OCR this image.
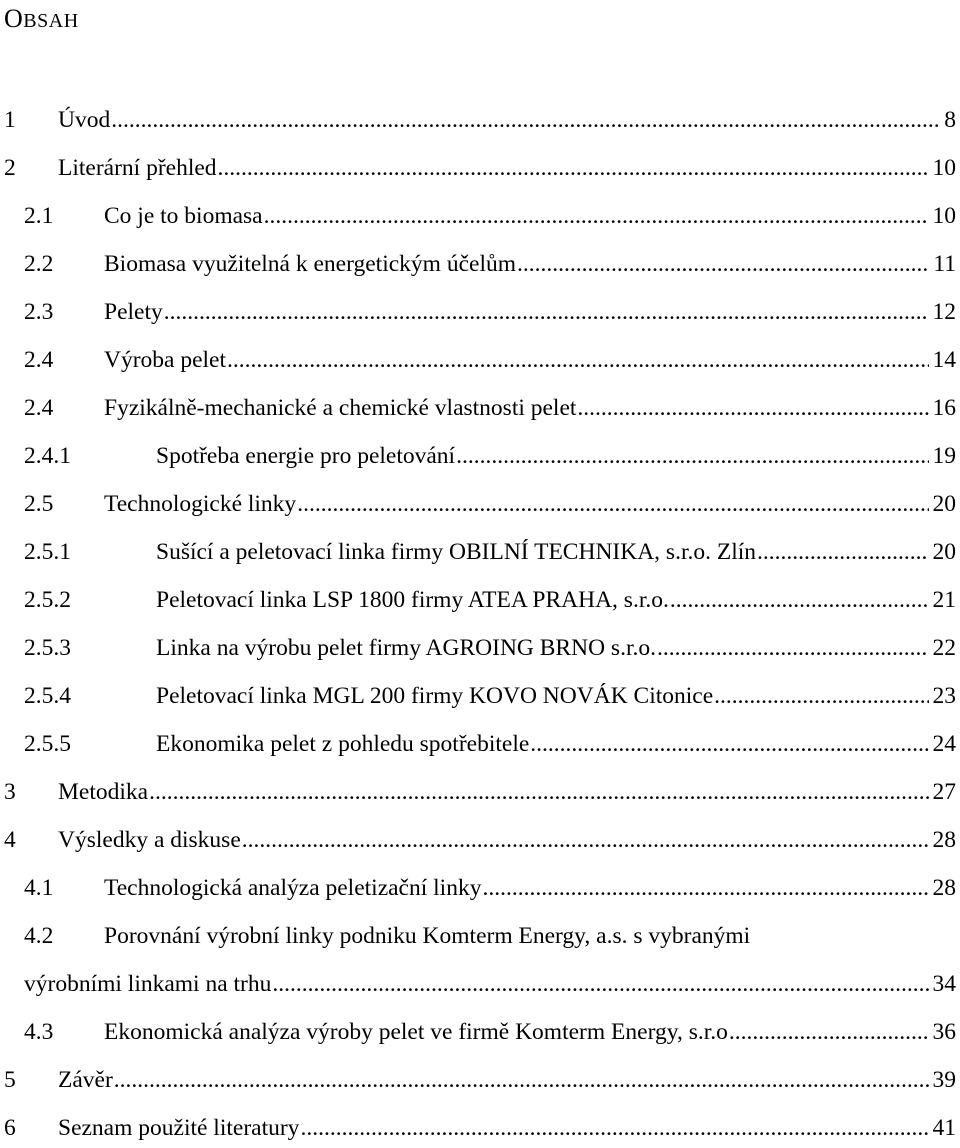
OBSAH
1 Úvod .....	8
2 Literární přehled .....	10
2.1 Co je to biomasa .....	10
2.2 Biomasa využitelná k energetickým účelům .....	11
2.3 Pelety .....	12
2.4 Výroba pelet .....	14
2.4 Fyzikálně-mechanické a chemické vlastnosti pelet .....	16
2.4.1	Spotřeba energie pro peletování .....	19
2.5 Technologické linky .....	20
2.5.1	Sušící a peletovací linka firmy OBILNÍ TECHNIKA, s.r.o. Zlín .....	20
2.5.2	Peletovací linka LSP 1800 firmy ATEA PRAHA, s.r.o. .....	21
2.5.3	Linka na výrobu pelet firmy AGROING BRNO s.r.o. .....	22
2.5.4	Peletovací linka MGL 200 firmy KOVO NOVÁK Citonice .....	23
2.5.5	Ekonomika pelet z pohledu spotřebitele .....	24
3 Metodika .....	27
4 Výsledky a diskuse .....	28
4.1 Technologická analýza peletizační linky .....	28
4.2 Porovnání výrobní linky podniku Komterm Energy, a.s. s vybranými
výrobními linkami na trhu .....	34
4.3 Ekonomická analýza výroby pelet ve firmě Komterm Energy, s.r.o .....	36
5 Závěr .....	39
6 Seznam použité literatury .....	41
